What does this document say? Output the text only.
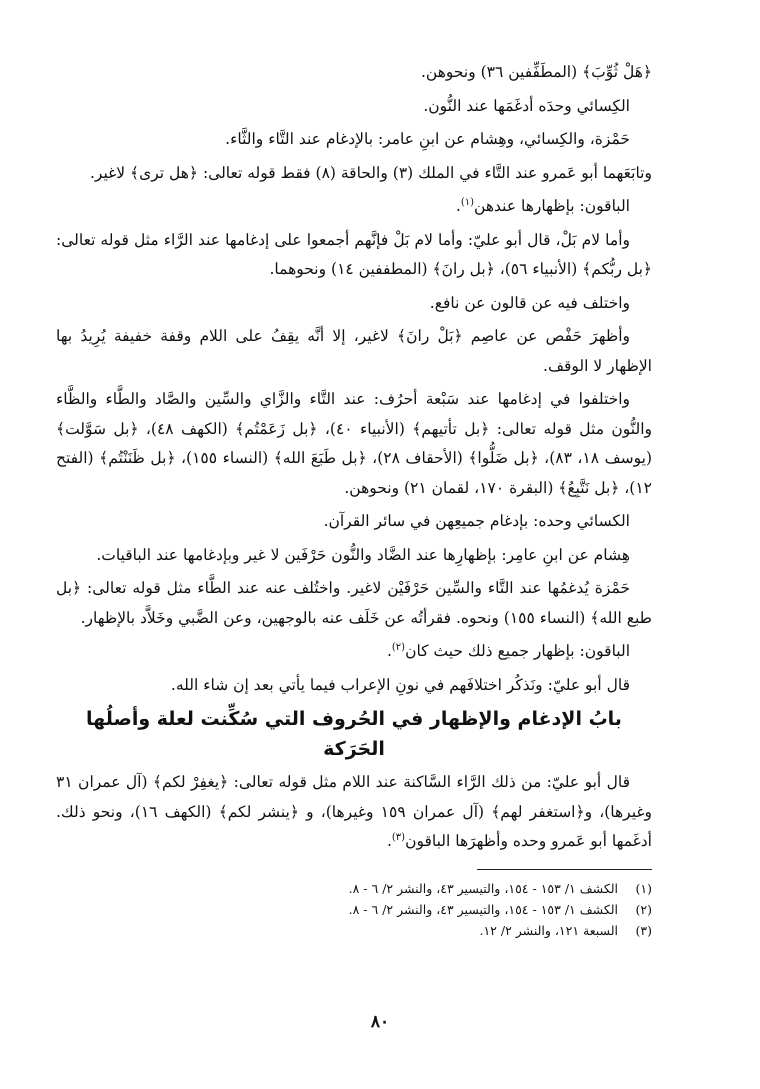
﴿هَلْ ثُوِّبَ﴾ (المطَفِّفين ٣٦) ونحوهن.

الكِسائي وحدَه أدغَمَها عند النُّون.

حَمْزة، والكِسائي، وهِشام عن ابنِ عامر: بالإدغام عند التَّاء والثَّاء.

وتابَعَهما أبو عَمرو عند التَّاء في الملك (٣) والحاقة (٨) فقط قوله تعالى: ﴿هل ترى﴾ لاغير.

الباقون: بإظهارها عندهن$^{(١)}$.

وأما لام بَلْ، قال أبو عليّ: وأما لام بَلْ فإنَّهم أجمعوا على إدغامها عند الرَّاء مثل قوله تعالى: ﴿بل ربُّكم﴾ (الأنبياء ٥٦)، ﴿بل رانَ﴾ (المطففين ١٤) ونحوهما.

واختلف فيه عن قالون عن نافع.

وأظهرَ حَفْص عن عاصِم ﴿بَلْ رانَ﴾ لاغير، إلا أنَّه يقِفُ على اللام وقفة خفيفة يُرِيدُ بها الإظهار لا الوقف.

واختلفوا في إدغامها عند سَبْعة أحرُف: عند التَّاء والزَّاي والسِّين والصَّاد والطَّاء والظَّاء والنُّون مثل قوله تعالى: ﴿بل تأتيهم﴾ (الأنبياء ٤٠)، ﴿بل زَعَمْتُم﴾ (الكهف ٤٨)، ﴿بل سَوَّلت﴾ (يوسف ١٨، ٨٣)، ﴿بل ضَلُّوا﴾ (الأحقاف ٢٨)، ﴿بل طَبَعَ الله﴾ (النساء ١٥٥)، ﴿بل ظَنَنْتُم﴾ (الفتح ١٢)، ﴿بل نَتَّبِعُ﴾ (البقرة ١٧٠، لقمان ٢١) ونحوهن.

الكسائي وحده: بإدغام جميعِهن في سائر القرآن.

هِشام عن ابنِ عامِر: بإظهارِها عند الضَّاد والنُّون حَرْفَين لا غير وبإدغامها عند الباقيات.

حَمْزة يُدغمُها عند التَّاء والسِّين حَرْفَيْن لاغير. واختُلف عنه عند الطَّاء مثل قوله تعالى: ﴿بل طبع الله﴾ (النساء ١٥٥) ونحوه. فقرأتُه عن خَلَف عنه بالوجهين، وعن الضَّبي وخَلاَّد بالإظهار.

الباقون: بإظهار جميع ذلك حيث كان$^{(٢)}$.

قال أبو عليّ: ونَذكُر اختلافَهم في نونِ الإعراب فيما يأتي بعد إن شاء الله.

بابُ الإدغام والإظهار في الحُروف التي سُكِّنت لعلة وأصلُها الحَرَكة

قال أبو عليّ: من ذلك الرَّاء السَّاكنة عند اللام مثل قوله تعالى: ﴿يغفِرْ لكم﴾ (آل عمران ٣١ وغيرها)، و﴿استغفر لهم﴾ (آل عمران ١٥٩ وغيرها)، و ﴿ينشر لكم﴾ (الكهف ١٦)، ونحو ذلك. أدغَمها أبو عَمرو وحده وأظهرَها الباقون$^{(٣)}$.

(١)الكشف ١/ ١٥٣ - ١٥٤، والتيسير ٤٣، والنشر ٢/ ٦ - ٨.

(٢)الكشف ١/ ١٥٣ - ١٥٤، والتيسير ٤٣، والنشر ٢/ ٦ - ٨.

(٣)السبعة ١٢١، والنشر ٢/ ١٢.

٨٠
